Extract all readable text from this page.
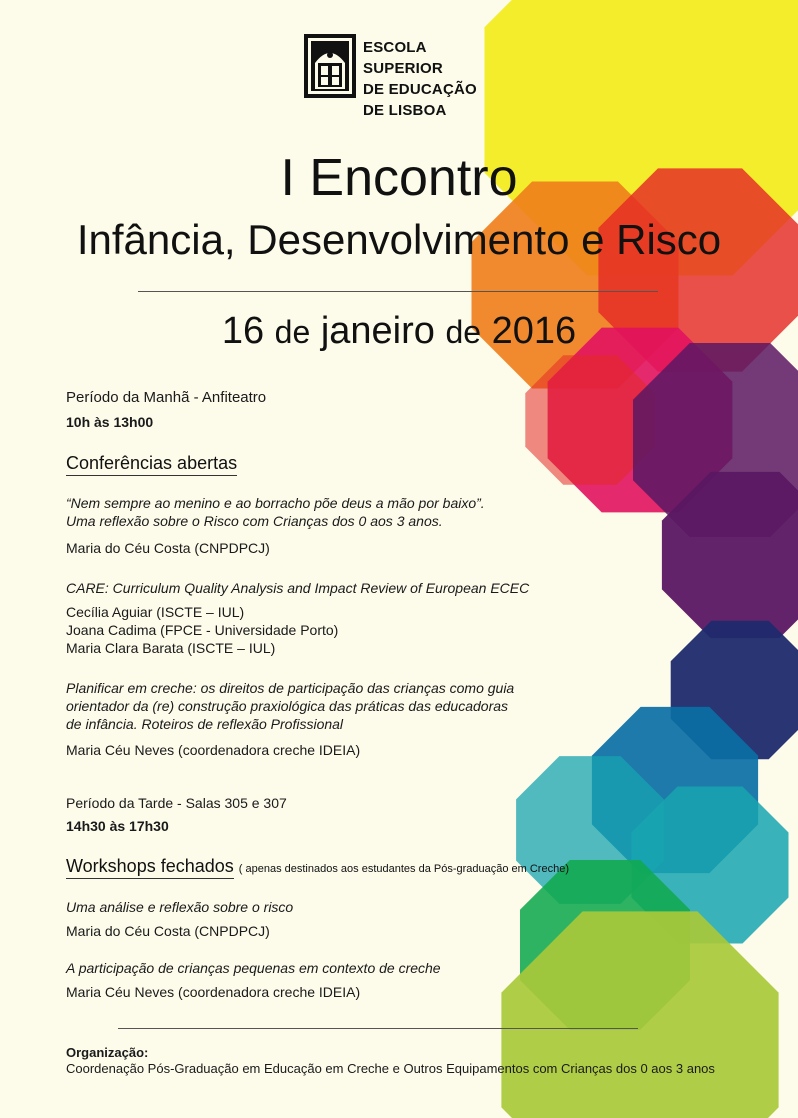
ESCOLA SUPERIOR
DE EDUCAÇÃO
DE LISBOA
I Encontro
Infância, Desenvolvimento e Risco
16 de janeiro de 2016
Período da Manhã - Anfiteatro
10h às 13h00
Conferências abertas
“Nem sempre ao menino e ao borracho põe deus a mão por baixo”.
Uma reflexão sobre o Risco com Crianças dos 0 aos 3 anos.
Maria do Céu Costa (CNPDPCJ)
CARE: Curriculum Quality Analysis and Impact Review of European ECEC
Cecília Aguiar (ISCTE – IUL)
Joana Cadima (FPCE - Universidade Porto)
Maria Clara Barata (ISCTE – IUL)
Planificar em creche: os direitos de participação das crianças como guia
orientador da (re) construção praxiológica das práticas das educadoras
de infância. Roteiros de reflexão Profissional
Maria Céu Neves (coordenadora creche IDEIA)
Período da Tarde - Salas 305 e 307
14h30 às 17h30
Workshops fechados ( apenas destinados aos estudantes da Pós-graduação em Creche)
Uma análise e reflexão sobre o risco
Maria do Céu Costa (CNPDPCJ)
A participação de crianças pequenas em contexto de creche
Maria Céu Neves (coordenadora creche IDEIA)
Organização:
Coordenação Pós-Graduação em Educação em Creche e Outros Equipamentos com Crianças dos 0 aos 3 anos
